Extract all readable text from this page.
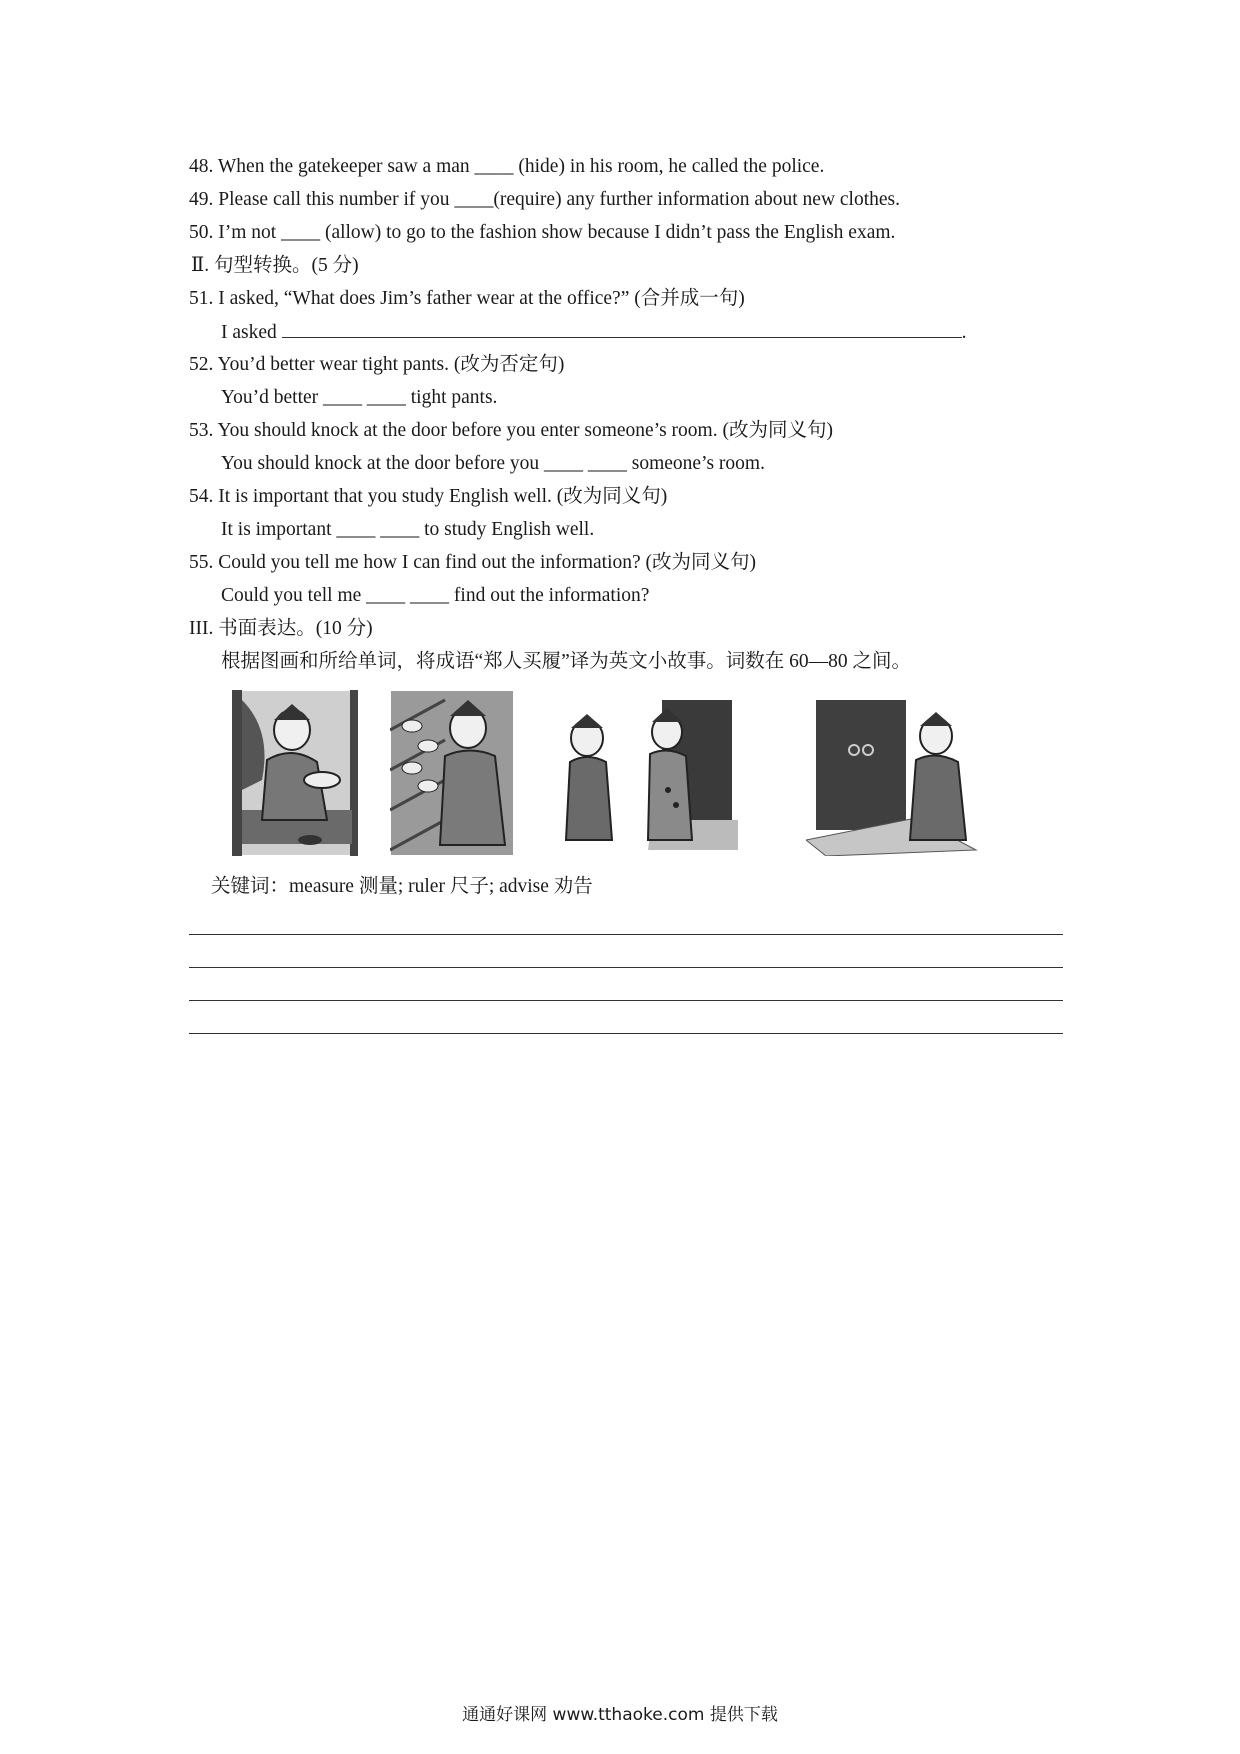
48. When the gatekeeper saw a man ____ (hide) in his room, he called the police.
49. Please call this number if you ____(require) any further information about new clothes.
50. I’m not ____ (allow) to go to the fashion show because I didn’t pass the English exam.
Ⅱ. 句型转换。(5 分)
51. I asked, “What does Jim’s father wear at the office?” (合并成一句)
I asked	.
52. You’d better wear tight pants. (改为否定句)
You’d better ____ ____ tight pants.
53. You should knock at the door before you enter someone’s room. (改为同义句)
You should knock at the door before you ____ ____ someone’s room.
54. It is important that you study English well. (改为同义句)
It is important ____ ____ to study English well.
55. Could you tell me how I can find out the information? (改为同义句)
Could you tell me ____ ____ find out the information?
III. 书面表达。(10 分)
根据图画和所给单词，将成语“郑人买履”译为英文小故事。词数在 60—80 之间。
关键词：measure 测量; ruler 尺子; advise 劝告
通通好课网 www.tthaoke.com 提供下载
